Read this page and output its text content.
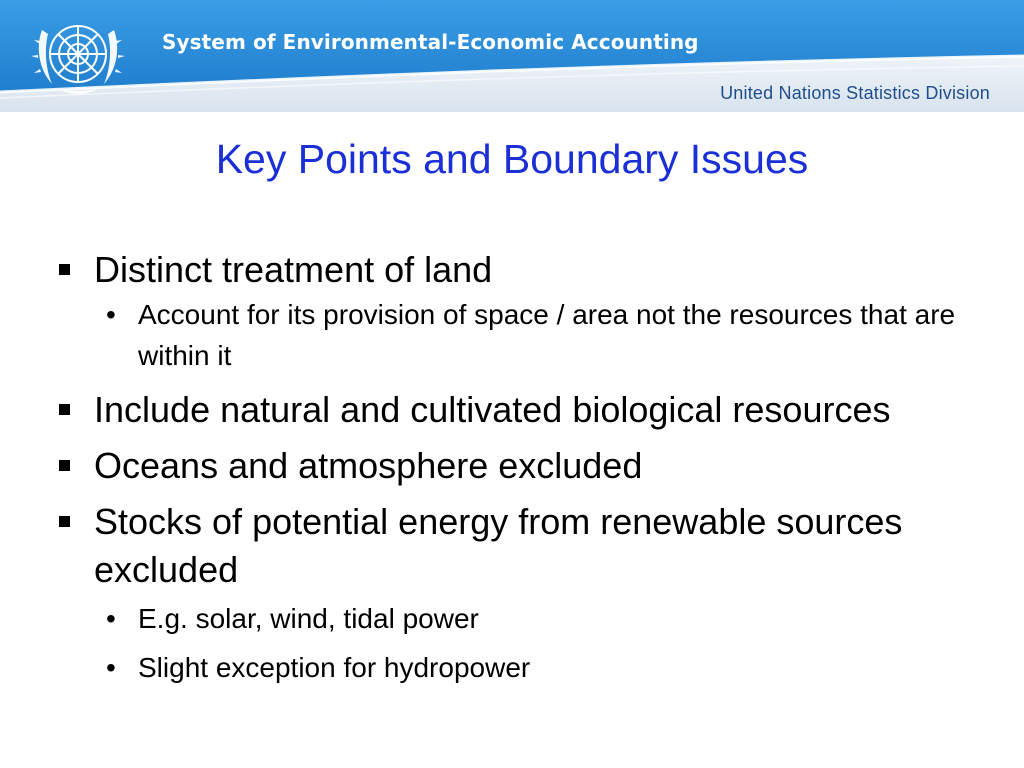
System of Environmental-Economic Accounting
United Nations Statistics Division
Key Points and Boundary Issues
Distinct treatment of land
• Account for its provision of space / area not the resources that are within it
Include natural and cultivated biological resources
Oceans and atmosphere excluded
Stocks of potential energy from renewable sources excluded
• E.g. solar, wind, tidal power
• Slight exception for hydropower
